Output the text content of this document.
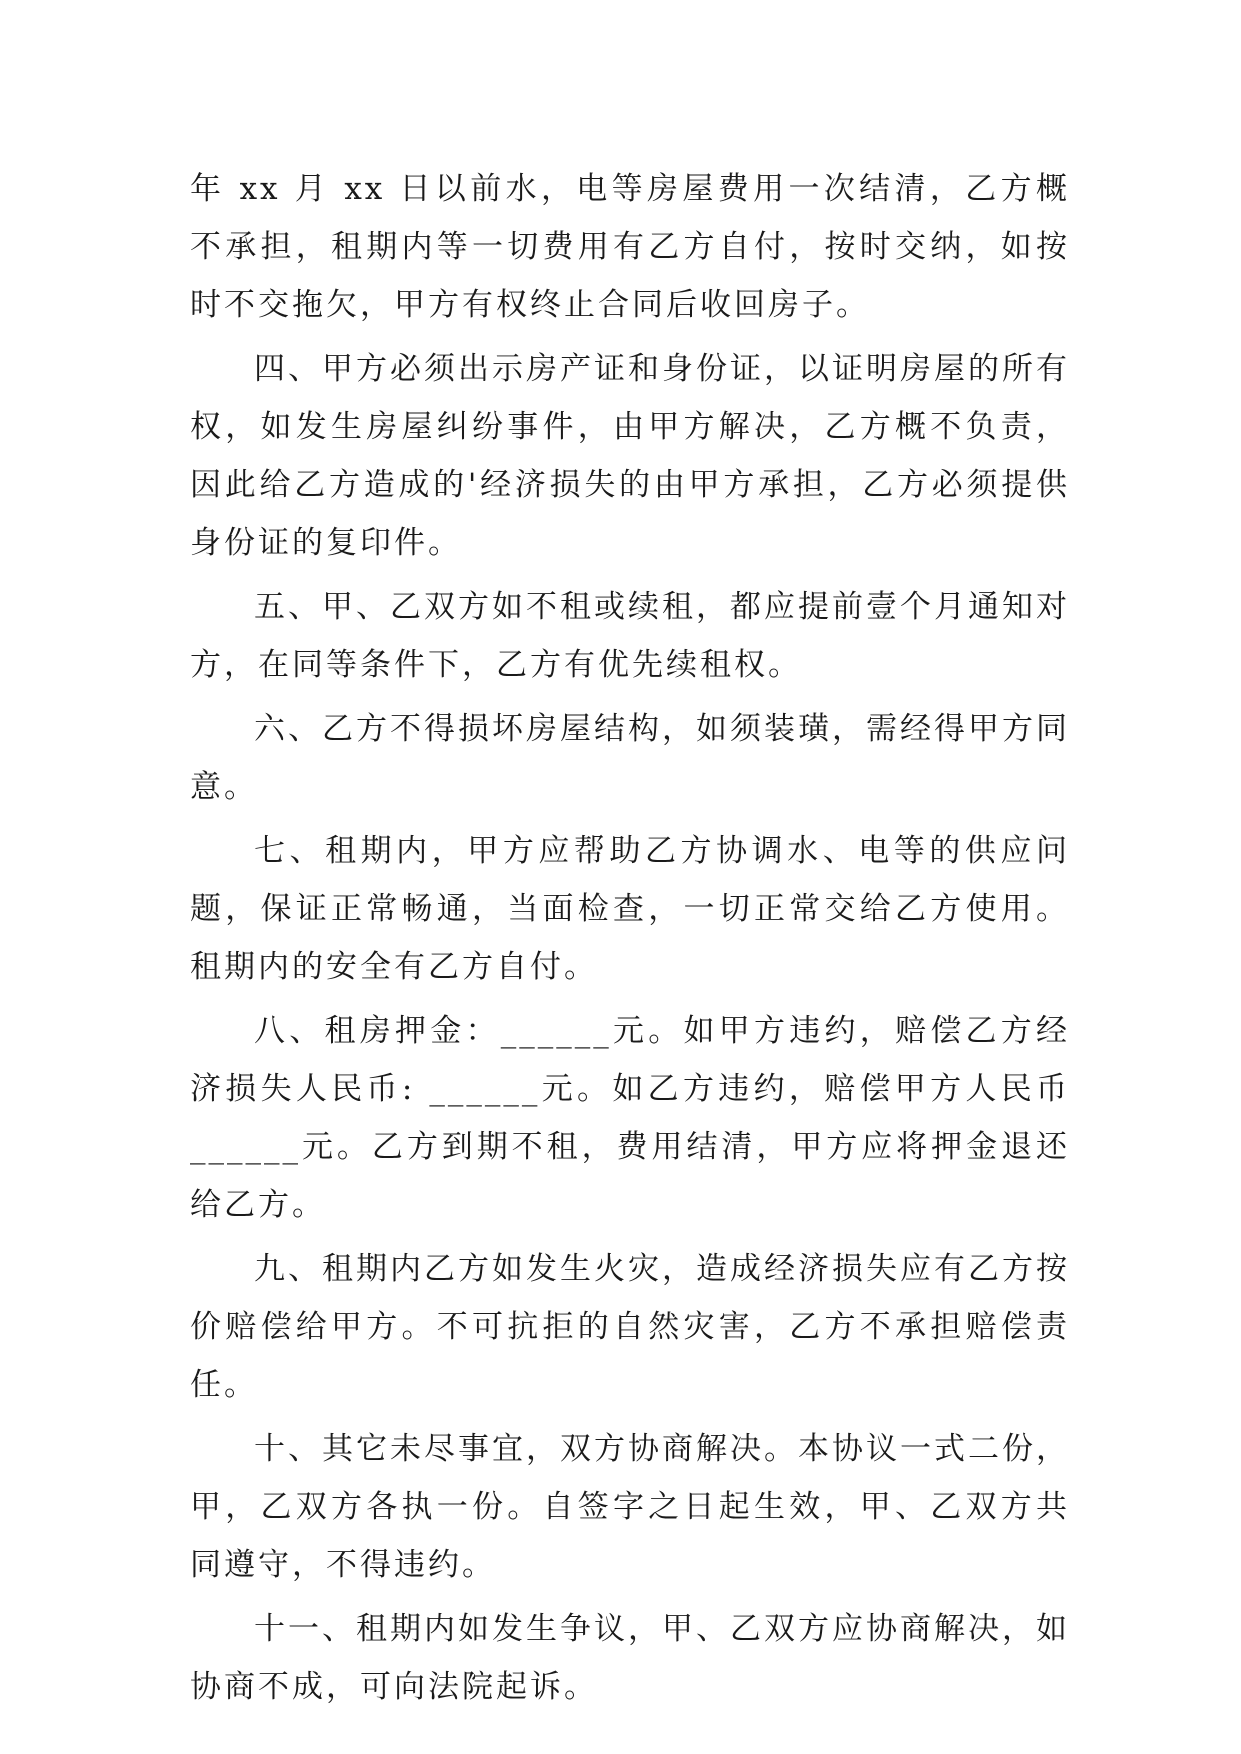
年 xx 月 xx 日以前水，电等房屋费用一次结清，乙方概不承担，租期内等一切费用有乙方自付，按时交纳，如按时不交拖欠，甲方有权终止合同后收回房子。

四、甲方必须出示房产证和身份证，以证明房屋的所有权，如发生房屋纠纷事件，由甲方解决，乙方概不负责，因此给乙方造成的'经济损失的由甲方承担，乙方必须提供身份证的复印件。

五、甲、乙双方如不租或续租，都应提前壹个月通知对方，在同等条件下，乙方有优先续租权。

六、乙方不得损坏房屋结构，如须装璜，需经得甲方同意。

七、租期内，甲方应帮助乙方协调水、电等的供应问题，保证正常畅通，当面检查，一切正常交给乙方使用。租期内的安全有乙方自付。

八、租房押金：______元。如甲方违约，赔偿乙方经济损失人民币: ______元。如乙方违约，赔偿甲方人民币______元。乙方到期不租，费用结清，甲方应将押金退还给乙方。

九、租期内乙方如发生火灾，造成经济损失应有乙方按价赔偿给甲方。不可抗拒的自然灾害，乙方不承担赔偿责任。

十、其它未尽事宜，双方协商解决。本协议一式二份，甲，乙双方各执一份。自签字之日起生效，甲、乙双方共同遵守，不得违约。

十一、租期内如发生争议，甲、乙双方应协商解决，如协商不成，可向法院起诉。
